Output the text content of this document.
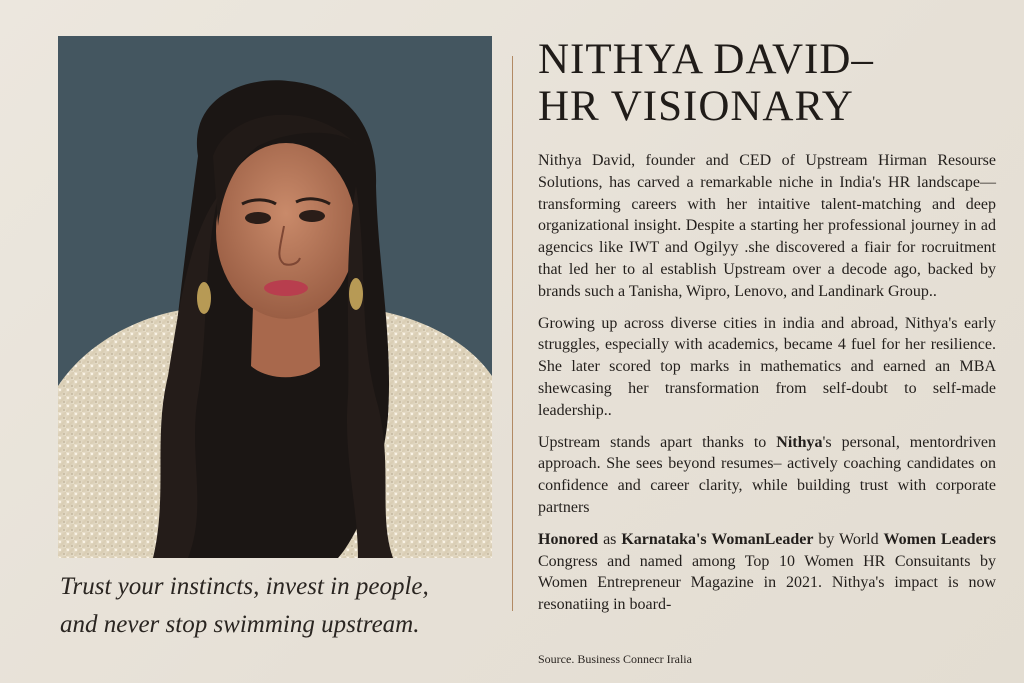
Trust your instincts, invest in people,
and never stop swimming upstream.
NITHYA DAVID–
HR VISIONARY

Nithya David, founder and CED of Upstream Hirman Resourse Solutions, has carved a remarkable niche in India's HR landscape—transforming careers with her intaitive talent-matching and deep organizational insight. Despite a starting her professional journey in ad agencics like IWT and Ogilyy .she discovered a fiair for rocruitment that led her to al establish Upstream over a decode ago, backed by brands such a Tanisha, Wipro, Lenovo, and Landinark Group..

Growing up across diverse cities in india and abroad, Nithya's early struggles, especially with academics, became 4 fuel for her resilience. She later scored top marks in mathematics and earned an MBA shewcasing her transformation from self-doubt to self-made leadership..

Upstream stands apart thanks to Nithya's personal, mentordriven approach. She sees beyond resumes– actively coaching candidates on confidence and career clarity, while building trust with corporate partners

Honored as Karnataka's WomanLeader by World Women Leaders Congress and named among Top 10 Women HR Consuitants by Women Entrepreneur Magazine in 2021. Nithya's impact is now resonatiing in board-

Source. Business Connecr Iralia
